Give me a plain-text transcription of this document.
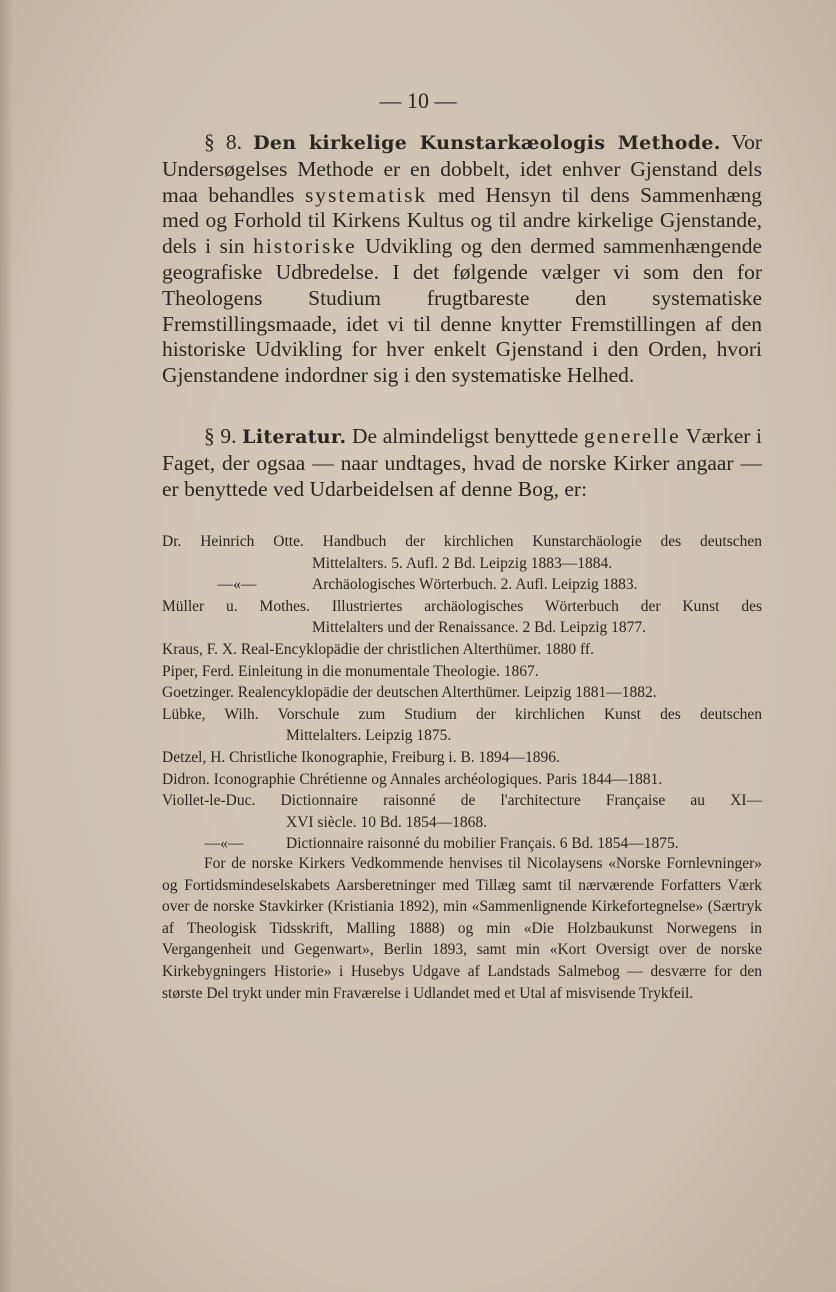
— 10 —

§ 8. Den kirkelige Kunstarkæologis Methode. Vor Undersøgelses Methode er en dobbelt, idet enhver Gjenstand dels maa behandles systematisk med Hensyn til dens Sammenhæng med og Forhold til Kirkens Kultus og til andre kirkelige Gjenstande, dels i sin historiske Udvikling og den dermed sammenhængende geografiske Udbredelse. I det følgende vælger vi som den for Theologens Studium frugtbareste den systematiske Fremstillingsmaade, idet vi til denne knytter Fremstillingen af den historiske Udvikling for hver enkelt Gjenstand i den Orden, hvori Gjenstandene indordner sig i den systematiske Helhed.

§ 9. Literatur. De almindeligst benyttede generelle Værker i Faget, der ogsaa — naar undtages, hvad de norske Kirker angaar — er benyttede ved Udarbeidelsen af denne Bog, er:

Dr. Heinrich Otte. Handbuch der kirchlichen Kunstarchäologie des deutschen
Mittelalters. 5. Aufl. 2 Bd. Leipzig 1883—1884.
—«—	Archäologisches Wörterbuch. 2. Aufl. Leipzig 1883.
Müller u. Mothes. Illustriertes archäologisches Wörterbuch der Kunst des
Mittelalters und der Renaissance. 2 Bd. Leipzig 1877.
Kraus, F. X. Real-Encyklopädie der christlichen Alterthümer. 1880 ff.
Piper, Ferd. Einleitung in die monumentale Theologie. 1867.
Goetzinger. Realencyklopädie der deutschen Alterthümer. Leipzig 1881—1882.
Lübke, Wilh. Vorschule zum Studium der kirchlichen Kunst des deutschen
Mittelalters. Leipzig 1875.
Detzel, H. Christliche Ikonographie, Freiburg i. B. 1894—1896.
Didron. Iconographie Chrétienne og Annales archéologiques. Paris 1844—1881.
Viollet-le-Duc. Dictionnaire raisonné de l'architecture Française au XI—
XVI siècle. 10 Bd. 1854—1868.
—«—	Dictionnaire raisonné du mobilier Français. 6 Bd. 1854—1875.
For de norske Kirkers Vedkommende henvises til Nicolaysens «Norske Fornlevninger» og Fortidsmindeselskabets Aarsberetninger med Tillæg samt til nærværende Forfatters Værk over de norske Stavkirker (Kristiania 1892), min «Sammenlignende Kirkefortegnelse» (Særtryk af Theologisk Tidsskrift, Malling 1888) og min «Die Holzbaukunst Norwegens in Vergangenheit und Gegenwart», Berlin 1893, samt min «Kort Oversigt over de norske Kirkebygningers Historie» i Husebys Udgave af Landstads Salmebog — desværre for den største Del trykt under min Fraværelse i Udlandet med et Utal af misvisende Trykfeil.
